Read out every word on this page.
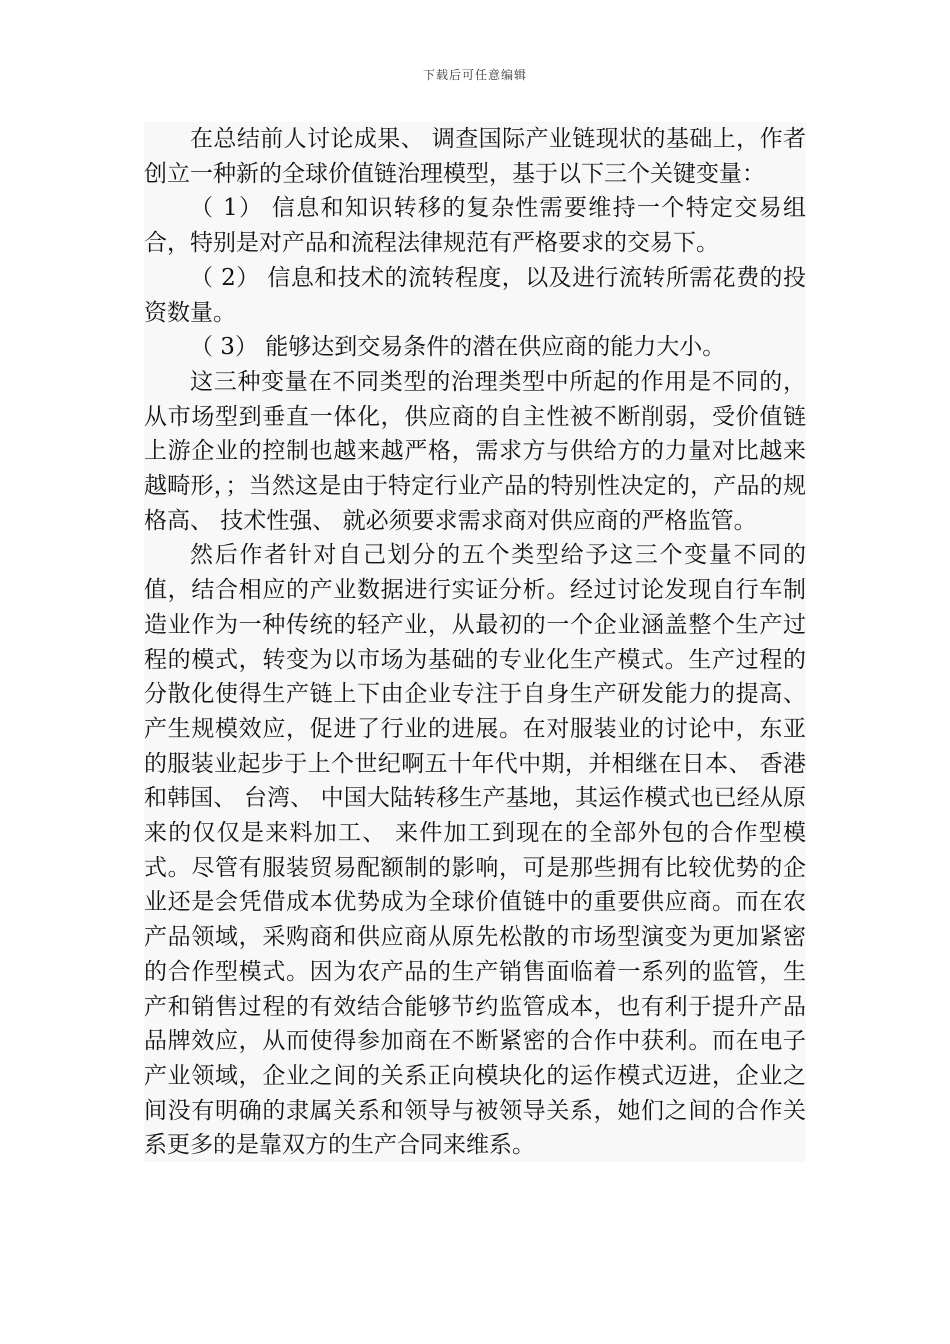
下载后可任意编辑

在总结前人讨论成果、 调查国际产业链现状的基础上，作者创立一种新的全球价值链治理模型，基于以下三个关键变量：

（ 1） 信息和知识转移的复杂性需要维持一个特定交易组合，特别是对产品和流程法律规范有严格要求的交易下。

（ 2） 信息和技术的流转程度，以及进行流转所需花费的投资数量。

（ 3） 能够达到交易条件的潜在供应商的能力大小。

这三种变量在不同类型的治理类型中所起的作用是不同的，从市场型到垂直一体化，供应商的自主性被不断削弱，受价值链上游企业的控制也越来越严格，需求方与供给方的力量对比越来越畸形，；当然这是由于特定行业产品的特别性决定的，产品的规格高、 技术性强、 就必须要求需求商对供应商的严格监管。

然后作者针对自己划分的五个类型给予这三个变量不同的值，结合相应的产业数据进行实证分析。经过讨论发现自行车制造业作为一种传统的轻产业，从最初的一个企业涵盖整个生产过程的模式，转变为以市场为基础的专业化生产模式。生产过程的分散化使得生产链上下由企业专注于自身生产研发能力的提高、 产生规模效应，促进了行业的进展。在对服装业的讨论中，东亚的服装业起步于上个世纪啊五十年代中期，并相继在日本、 香港和韩国、 台湾、 中国大陆转移生产基地，其运作模式也已经从原来的仅仅是来料加工、 来件加工到现在的全部外包的合作型模式。尽管有服装贸易配额制的影响，可是那些拥有比较优势的企业还是会凭借成本优势成为全球价值链中的重要供应商。而在农产品领域，采购商和供应商从原先松散的市场型演变为更加紧密的合作型模式。因为农产品的生产销售面临着一系列的监管，生产和销售过程的有效结合能够节约监管成本，也有利于提升产品品牌效应，从而使得参加商在不断紧密的合作中获利。而在电子产业领域，企业之间的关系正向模块化的运作模式迈进，企业之间没有明确的隶属关系和领导与被领导关系，她们之间的合作关系更多的是靠双方的生产合同来维系。
